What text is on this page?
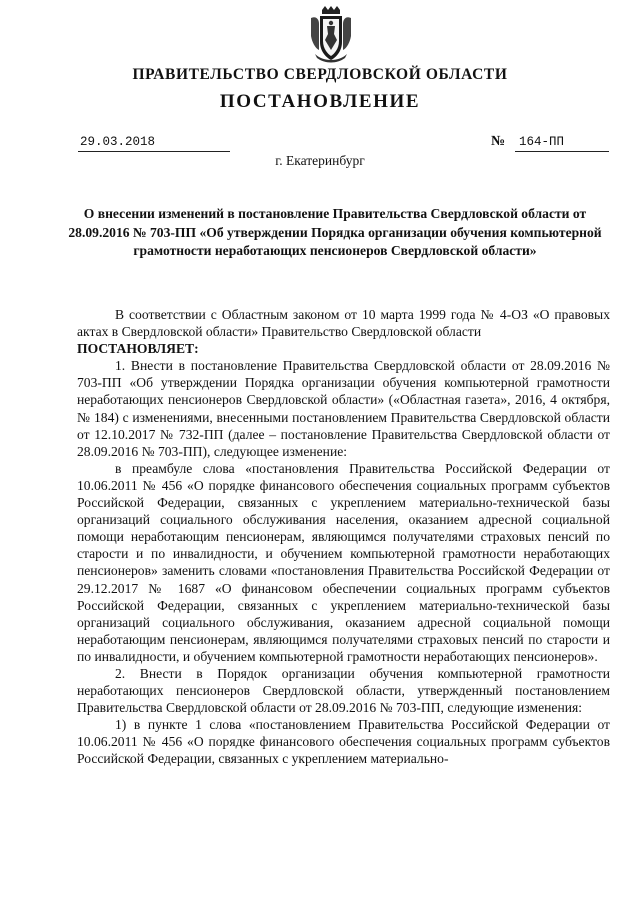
ПРАВИТЕЛЬСТВО СВЕРДЛОВСКОЙ ОБЛАСТИ
ПОСТАНОВЛЕНИЕ
29.03.2018	№	164-ПП
г. Екатеринбург
О внесении изменений в постановление Правительства Свердловской области от 28.09.2016 № 703-ПП «Об утверждении Порядка организации обучения компьютерной грамотности неработающих пенсионеров Свердловской области»

В соответствии с Областным законом от 10 марта 1999 года № 4-ОЗ «О правовых актах в Свердловской области» Правительство Свердловской области

ПОСТАНОВЛЯЕТ:

1. Внести в постановление Правительства Свердловской области от 28.09.2016 № 703-ПП «Об утверждении Порядка организации обучения компьютерной грамотности неработающих пенсионеров Свердловской области» («Областная газета», 2016, 4 октября, № 184) с изменениями, внесенными постановлением Правительства Свердловской области от 12.10.2017 № 732-ПП (далее – постановление Правительства Свердловской области от 28.09.2016 № 703-ПП), следующее изменение:

в преамбуле слова «постановления Правительства Российской Федерации от 10.06.2011 № 456 «О порядке финансового обеспечения социальных программ субъектов Российской Федерации, связанных с укреплением материально-технической базы организаций социального обслуживания населения, оказанием адресной социальной помощи неработающим пенсионерам, являющимся получателями страховых пенсий по старости и по инвалидности, и обучением компьютерной грамотности неработающих пенсионеров» заменить словами «постановления Правительства Российской Федерации от 29.12.2017 № 1687 «О финансовом обеспечении социальных программ субъектов Российской Федерации, связанных с укреплением материально-технической базы организаций социального обслуживания, оказанием адресной социальной помощи неработающим пенсионерам, являющимся получателями страховых пенсий по старости и по инвалидности, и обучением компьютерной грамотности неработающих пенсионеров».

2. Внести в Порядок организации обучения компьютерной грамотности неработающих пенсионеров Свердловской области, утвержденный постановлением Правительства Свердловской области от 28.09.2016 № 703-ПП, следующие изменения:

1) в пункте 1 слова «постановлением Правительства Российской Федерации от 10.06.2011 № 456 «О порядке финансового обеспечения социальных программ субъектов Российской Федерации, связанных с укреплением материально-
